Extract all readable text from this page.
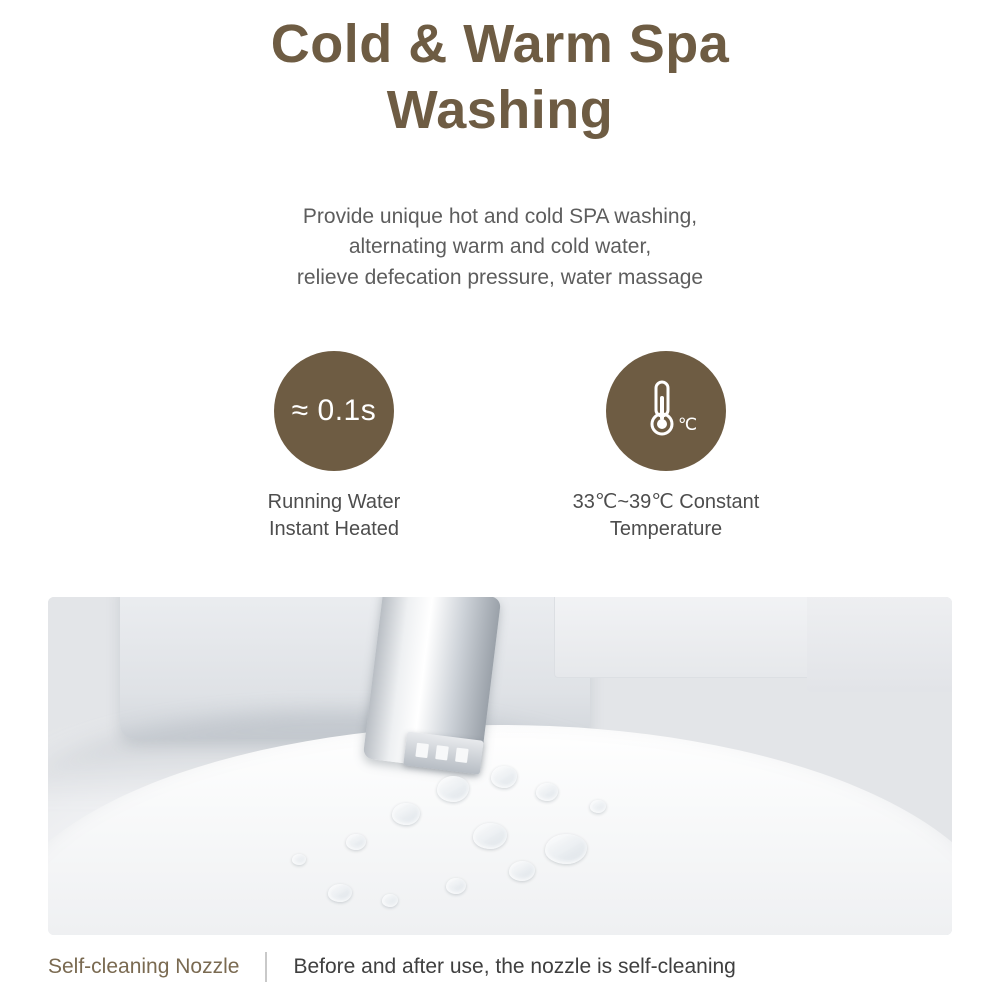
Cold & Warm Spa
Washing
Provide unique hot and cold SPA washing,
alternating warm and cold water,
relieve defecation pressure, water massage
≈ 0.1s
Running Water
Instant Heated
℃
33℃~39℃ Constant
Temperature
Self-cleaning Nozzle	Before and after use, the nozzle is self-cleaning
